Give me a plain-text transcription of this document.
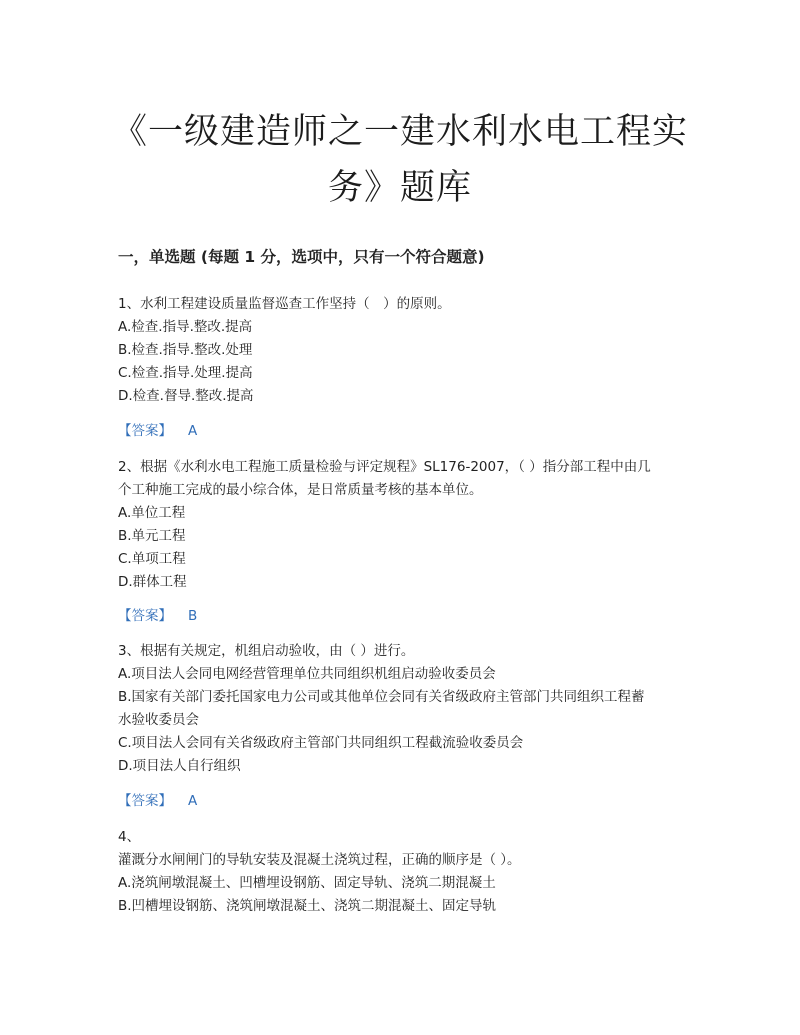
《一级建造师之一建水利水电工程实
务》题库
一，单选题 (每题 1 分，选项中，只有一个符合题意)
1、水利工程建设质量监督巡查工作坚持（　）的原则。
A.检查.指导.整改.提高
B.检查.指导.整改.处理
C.检查.指导.处理.提高
D.检查.督导.整改.提高
【答案】 A
2、根据《水利水电工程施工质量检验与评定规程》SL176-2007，（ ）指分部工程中由几
个工种施工完成的最小综合体，是日常质量考核的基本单位。
A.单位工程
B.单元工程
C.单项工程
D.群体工程
【答案】 B
3、根据有关规定，机组启动验收，由（ ）进行。
A.项目法人会同电网经营管理单位共同组织机组启动验收委员会
B.国家有关部门委托国家电力公司或其他单位会同有关省级政府主管部门共同组织工程蓄
水验收委员会
C.项目法人会同有关省级政府主管部门共同组织工程截流验收委员会
D.项目法人自行组织
【答案】 A
4、
灌溉分水闸闸门的导轨安装及混凝土浇筑过程，正确的顺序是（ ）。
A.浇筑闸墩混凝土、凹槽埋设钢筋、固定导轨、浇筑二期混凝土
B.凹槽埋设钢筋、浇筑闸墩混凝土、浇筑二期混凝土、固定导轨
